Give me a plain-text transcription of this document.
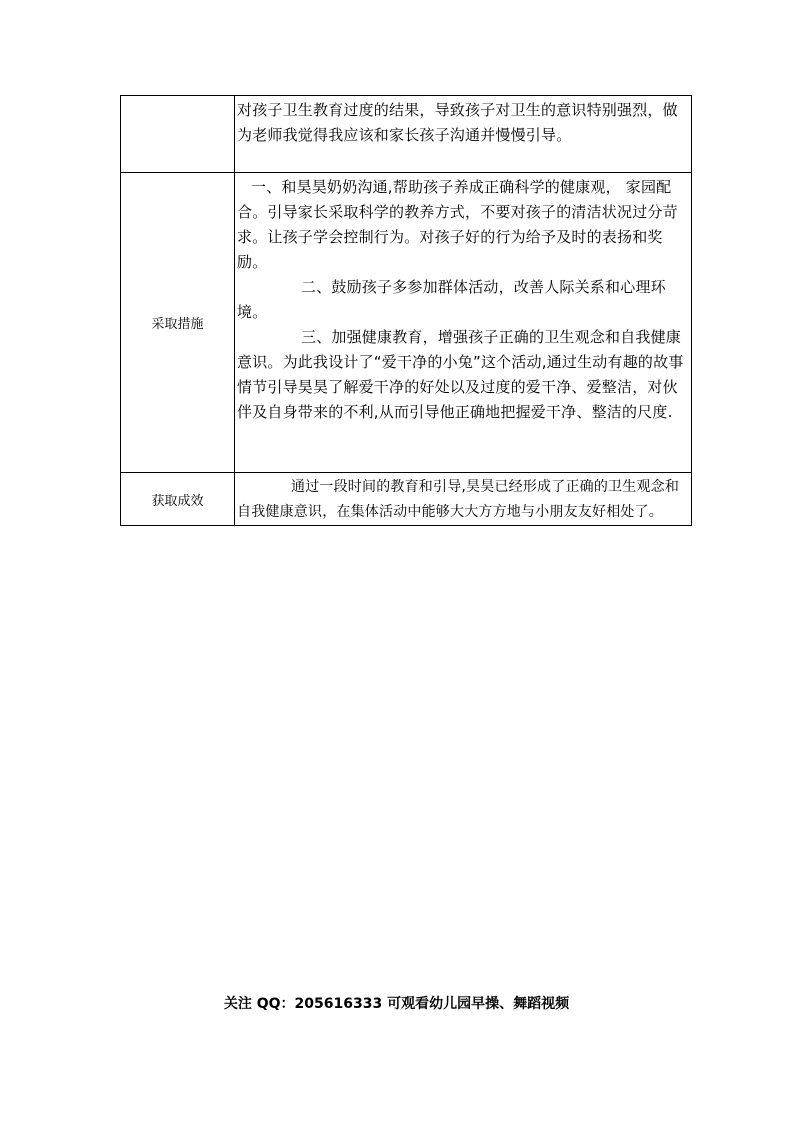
	对孩子卫生教育过度的结果，导致孩子对卫生的意识特别强烈，做为老师我觉得我应该和家长孩子沟通并慢慢引导。

采取措施	一、和昊昊奶奶沟通,帮助孩子养成正确科学的健康观， 家园配合。引导家长采取科学的教养方式，不要对孩子的清洁状况过分苛求。让孩子学会控制行为。对孩子好的行为给予及时的表扬和奖励。

二、鼓励孩子多参加群体活动，改善人际关系和心理环境。

三、加强健康教育，增强孩子正确的卫生观念和自我健康意识。为此我设计了“爱干净的小兔”这个活动,通过生动有趣的故事情节引导昊昊了解爱干净的好处以及过度的爱干净、爱整洁，对伙伴及自身带来的不利,从而引导他正确地把握爱干净、整洁的尺度.

获取成效	通过一段时间的教育和引导,昊昊已经形成了正确的卫生观念和自我健康意识，在集体活动中能够大大方方地与小朋友友好相处了。

关注 QQ：205616333 可观看幼儿园早操、舞蹈视频
